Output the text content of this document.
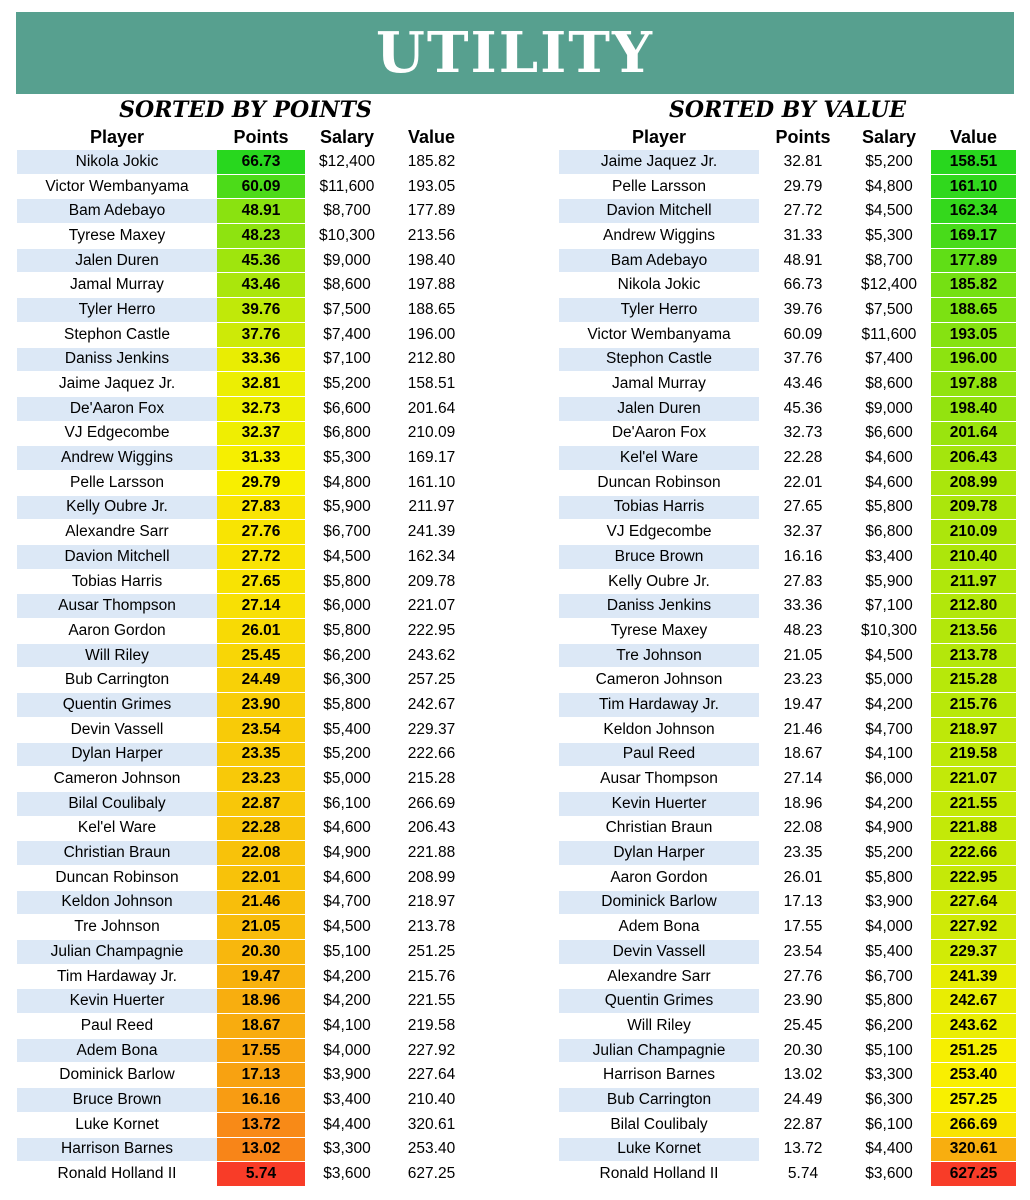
UTILITY
SORTED BY POINTS
Player	Points	Salary	Value
Nikola Jokic	66.73	$12,400	185.82
Victor Wembanyama	60.09	$11,600	193.05
Bam Adebayo	48.91	$8,700	177.89
Tyrese Maxey	48.23	$10,300	213.56
Jalen Duren	45.36	$9,000	198.40
Jamal Murray	43.46	$8,600	197.88
Tyler Herro	39.76	$7,500	188.65
Stephon Castle	37.76	$7,400	196.00
Daniss Jenkins	33.36	$7,100	212.80
Jaime Jaquez Jr.	32.81	$5,200	158.51
De'Aaron Fox	32.73	$6,600	201.64
VJ Edgecombe	32.37	$6,800	210.09
Andrew Wiggins	31.33	$5,300	169.17
Pelle Larsson	29.79	$4,800	161.10
Kelly Oubre Jr.	27.83	$5,900	211.97
Alexandre Sarr	27.76	$6,700	241.39
Davion Mitchell	27.72	$4,500	162.34
Tobias Harris	27.65	$5,800	209.78
Ausar Thompson	27.14	$6,000	221.07
Aaron Gordon	26.01	$5,800	222.95
Will Riley	25.45	$6,200	243.62
Bub Carrington	24.49	$6,300	257.25
Quentin Grimes	23.90	$5,800	242.67
Devin Vassell	23.54	$5,400	229.37
Dylan Harper	23.35	$5,200	222.66
Cameron Johnson	23.23	$5,000	215.28
Bilal Coulibaly	22.87	$6,100	266.69
Kel'el Ware	22.28	$4,600	206.43
Christian Braun	22.08	$4,900	221.88
Duncan Robinson	22.01	$4,600	208.99
Keldon Johnson	21.46	$4,700	218.97
Tre Johnson	21.05	$4,500	213.78
Julian Champagnie	20.30	$5,100	251.25
Tim Hardaway Jr.	19.47	$4,200	215.76
Kevin Huerter	18.96	$4,200	221.55
Paul Reed	18.67	$4,100	219.58
Adem Bona	17.55	$4,000	227.92
Dominick Barlow	17.13	$3,900	227.64
Bruce Brown	16.16	$3,400	210.40
Luke Kornet	13.72	$4,400	320.61
Harrison Barnes	13.02	$3,300	253.40
Ronald Holland II	5.74	$3,600	627.25
SORTED BY VALUE
Player	Points	Salary	Value
Jaime Jaquez Jr.	32.81	$5,200	158.51
Pelle Larsson	29.79	$4,800	161.10
Davion Mitchell	27.72	$4,500	162.34
Andrew Wiggins	31.33	$5,300	169.17
Bam Adebayo	48.91	$8,700	177.89
Nikola Jokic	66.73	$12,400	185.82
Tyler Herro	39.76	$7,500	188.65
Victor Wembanyama	60.09	$11,600	193.05
Stephon Castle	37.76	$7,400	196.00
Jamal Murray	43.46	$8,600	197.88
Jalen Duren	45.36	$9,000	198.40
De'Aaron Fox	32.73	$6,600	201.64
Kel'el Ware	22.28	$4,600	206.43
Duncan Robinson	22.01	$4,600	208.99
Tobias Harris	27.65	$5,800	209.78
VJ Edgecombe	32.37	$6,800	210.09
Bruce Brown	16.16	$3,400	210.40
Kelly Oubre Jr.	27.83	$5,900	211.97
Daniss Jenkins	33.36	$7,100	212.80
Tyrese Maxey	48.23	$10,300	213.56
Tre Johnson	21.05	$4,500	213.78
Cameron Johnson	23.23	$5,000	215.28
Tim Hardaway Jr.	19.47	$4,200	215.76
Keldon Johnson	21.46	$4,700	218.97
Paul Reed	18.67	$4,100	219.58
Ausar Thompson	27.14	$6,000	221.07
Kevin Huerter	18.96	$4,200	221.55
Christian Braun	22.08	$4,900	221.88
Dylan Harper	23.35	$5,200	222.66
Aaron Gordon	26.01	$5,800	222.95
Dominick Barlow	17.13	$3,900	227.64
Adem Bona	17.55	$4,000	227.92
Devin Vassell	23.54	$5,400	229.37
Alexandre Sarr	27.76	$6,700	241.39
Quentin Grimes	23.90	$5,800	242.67
Will Riley	25.45	$6,200	243.62
Julian Champagnie	20.30	$5,100	251.25
Harrison Barnes	13.02	$3,300	253.40
Bub Carrington	24.49	$6,300	257.25
Bilal Coulibaly	22.87	$6,100	266.69
Luke Kornet	13.72	$4,400	320.61
Ronald Holland II	5.74	$3,600	627.25
